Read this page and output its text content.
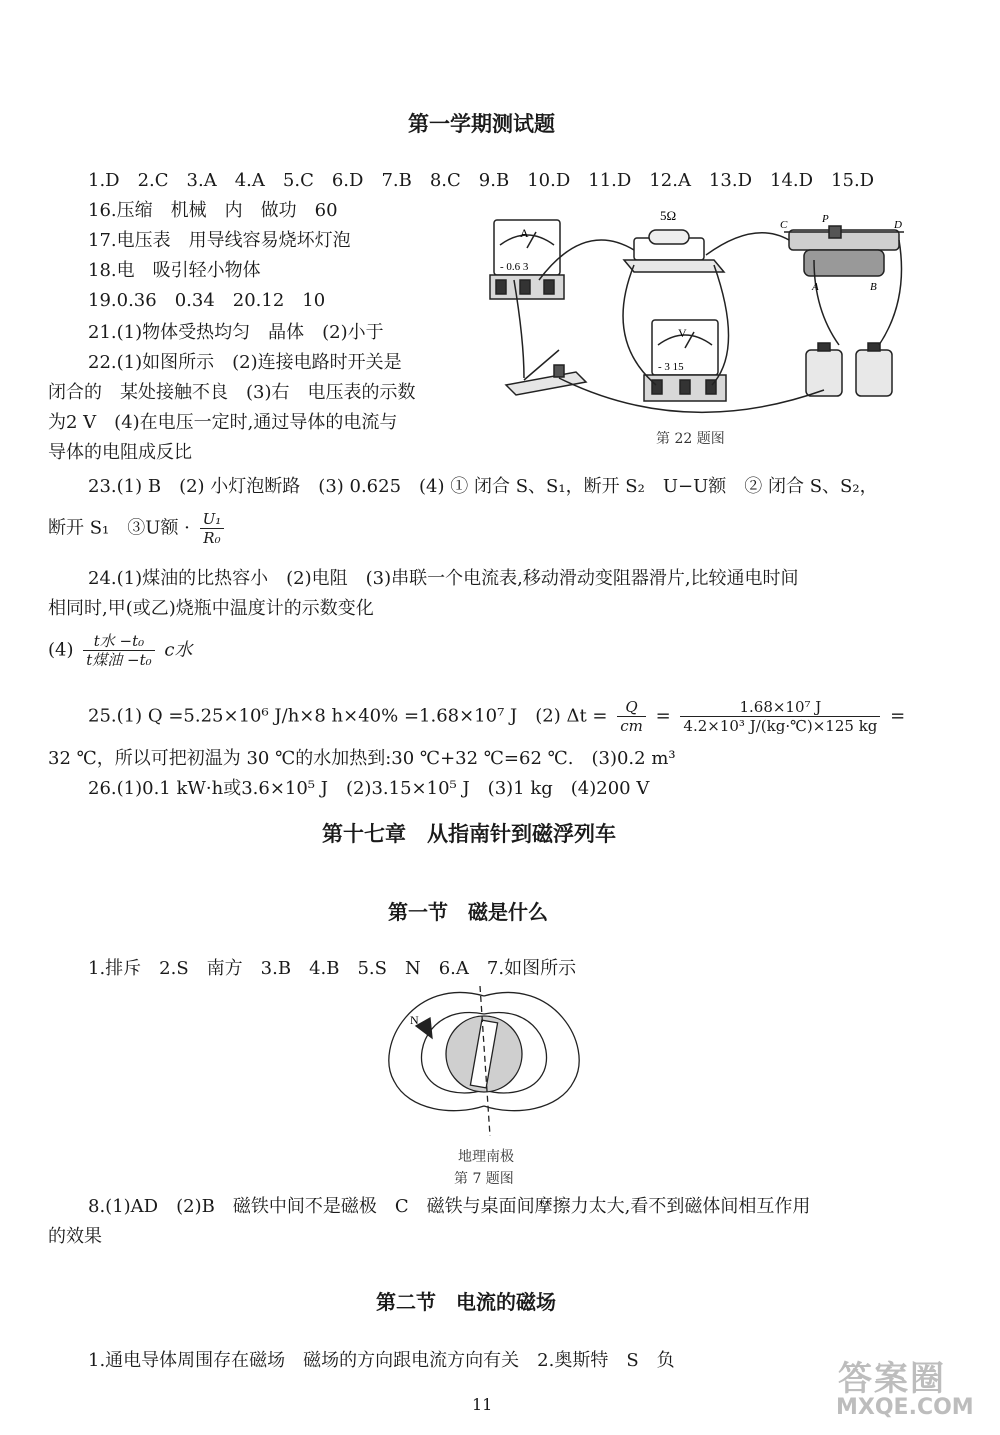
第一学期测试题
1.D　2.C　3.A　4.A　5.C　6.D　7.B　8.C　9.B　10.D　11.D　12.A　13.D　14.D　15.D
16.压缩　机械　内　做功　60
17.电压表　用导线容易烧坏灯泡
18.电　吸引轻小物体
19.0.36　0.34　20.12　10
21.(1)物体受热均匀　晶体　(2)小于
22.(1)如图所示　(2)连接电路时开关是
闭合的　某处接触不良　(3)右　电压表的示数
为2 V　(4)在电压一定时,通过导体的电流与
导体的电阻成反比
A
- 0.6 3
V
- 3 15
5Ω
C	P	D
A	B
第 22 题图
23.(1) B　(2) 小灯泡断路　(3) 0.625　(4) ① 闭合 S、S₁，断开 S₂　U−U额　② 闭合 S、S₂，
断开 S₁　③U额 · $\frac{\text{U₁}}{\text{R₀}}$
24.(1)煤油的比热容小　(2)电阻　(3)串联一个电流表,移动滑动变阻器滑片,比较通电时间
相同时,甲(或乙)烧瓶中温度计的示数变化
$(4) \frac{\text{t水 −t₀}}{\text{t煤油 −t₀}}$ c水
25.(1) Q =5.25×10⁶ J/h×8 h×40% =1.68×10⁷ J　(2) $\Delta t = \frac{Q}{cm} = \frac{\text{1.68×10⁷ J}}{\text{4.2×10³ J/(kg·℃)×125 kg}}$ =
32 ℃，所以可把初温为 30 ℃的水加热到:30 ℃+32 ℃=62 ℃.　(3)0.2 m³
26.(1)0.1 kW·h或3.6×10⁵ J　(2)3.15×10⁵ J　(3)1 kg　(4)200 V
第十七章　从指南针到磁浮列车
第一节　磁是什么
1.排斥　2.S　南方　3.B　4.B　5.S　N　6.A　7.如图所示
N
地理南极
第 7 题图
8.(1)AD　(2)B　磁铁中间不是磁极　C　磁铁与桌面间摩擦力太大,看不到磁体间相互作用
的效果
第二节　电流的磁场
1.通电导体周围存在磁场　磁场的方向跟电流方向有关　2.奥斯特　S　负
11
答案圈
MXQE.COM
